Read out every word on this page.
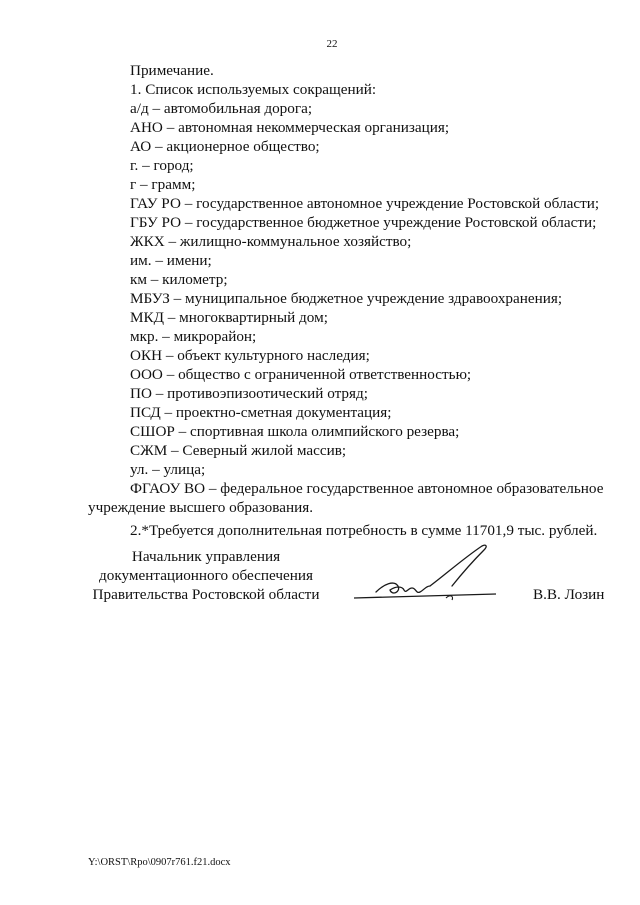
22
Примечание.
1. Список используемых сокращений:
а/д – автомобильная дорога;
АНО – автономная некоммерческая организация;
АО – акционерное общество;
г. – город;
г – грамм;
ГАУ РО – государственное автономное учреждение Ростовской области;
ГБУ РО – государственное бюджетное учреждение Ростовской области;
ЖКХ – жилищно-коммунальное хозяйство;
им. – имени;
км – километр;
МБУЗ – муниципальное бюджетное учреждение здравоохранения;
МКД – многоквартирный дом;
мкр. – микрорайон;
ОКН – объект культурного наследия;
ООО – общество с ограниченной ответственностью;
ПО – противоэпизоотический отряд;
ПСД – проектно-сметная документация;
СШОР – спортивная школа олимпийского резерва;
СЖМ – Северный жилой массив;
ул. – улица;
ФГАОУ ВО – федеральное государственное автономное образовательное
учреждение высшего образования.
2.*Требуется дополнительная потребность в сумме 11701,9 тыс. рублей.
Начальник управления
документационного обеспечения
Правительства Ростовской области	В.В. Лозин
Y:\ORST\Rpo\0907r761.f21.docx
